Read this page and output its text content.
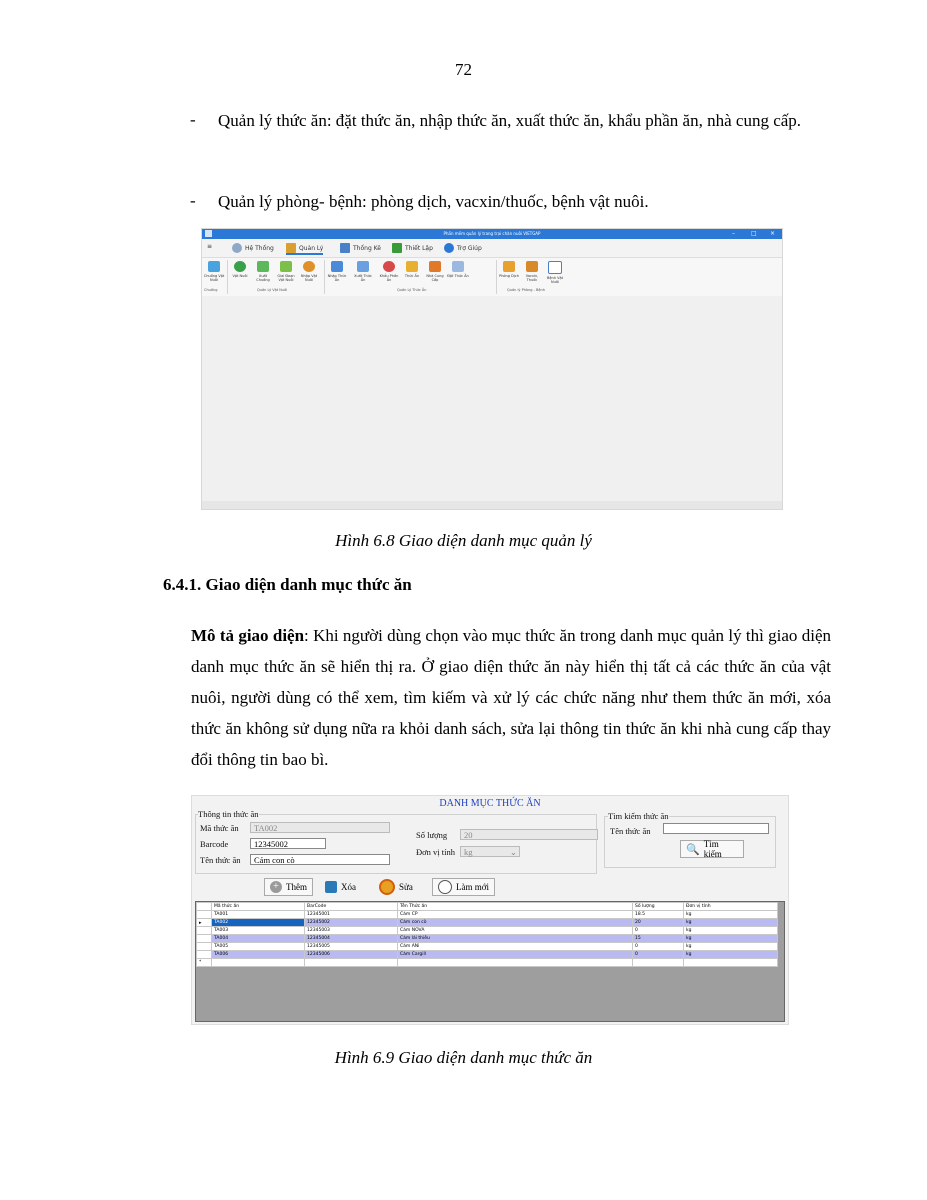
72
- Quản lý thức ăn: đặt thức ăn, nhập thức ăn, xuất thức ăn, khẩu phần ăn, nhà cung cấp.
- Quản lý phòng- bệnh: phòng dịch, vacxin/thuốc, bệnh vật nuôi.
Phần mềm quản lý trang trại chăn nuôi VIETGAP	–	□ ×
≡	Hệ Thống	Quản Lý	Thống Kê	Thiết Lập	Trợ Giúp
Chuồng Vật Nuôi
Vật Nuôi	Xuất Chuồng
Giai Đoạn Vật Nuôi
Nhập Vật Nuôi
Nhập Thức Ăn
Xuất Thức Ăn
Khẩu Phần Ăn
Thức Ăn	Nhà Cung Cấp
Đặt Thức Ăn	Phòng Dịch	Vacxin, Thuốc	Bệnh Vật Nuôi
Chuồng	Quản Lý Vật Nuôi	Quản Lý Thức Ăn	Quản lý Phòng - Bệnh
Hình 6.8 Giao diện danh mục quản lý
6.4.1. Giao diện danh mục thức ăn
Mô tả giao diện: Khi người dùng chọn vào mục thức ăn trong danh mục quản lý thì giao diện danh mục thức ăn sẽ hiển thị ra. Ở giao diện thức ăn này hiển thị tất cả các thức ăn của vật nuôi, người dùng có thể xem, tìm kiếm và xử lý các chức năng như them thức ăn mới, xóa thức ăn không sử dụng nữa ra khỏi danh sách, sửa lại thông tin thức ăn khi nhà cung cấp thay đổi thông tin bao bì.
DANH MỤC THỨC ĂN
Thông tin thức ăn
Mã thức ăn	TA002
Barcode	12345002
Tên thức ăn	Cám con cò
Số lượng	20
Đơn vị tính	kg	⌄
Tìm kiếm thức ăn
Tên thức ăn
🔍 Tìm kiếm
+ Thêm	Xóa	Sửa	Làm mới
	Mã thức ăn	BarCode	Tên Thức ăn	Số lượng	Đơn vị tính
	TA001	12345001	Cám CP	18.5	kg
▸	TA002	12345002	Cám con cò	20	kg
	TA003	12345003	Cám NOVA	0	kg
	TA004	12345004	Cám lái thiêu	15	kg
	TA005	12345005	Cám ANi	0	kg
	TA006	12345006	Cám Cargill	0	kg
*					
Hình 6.9 Giao diện danh mục thức ăn
